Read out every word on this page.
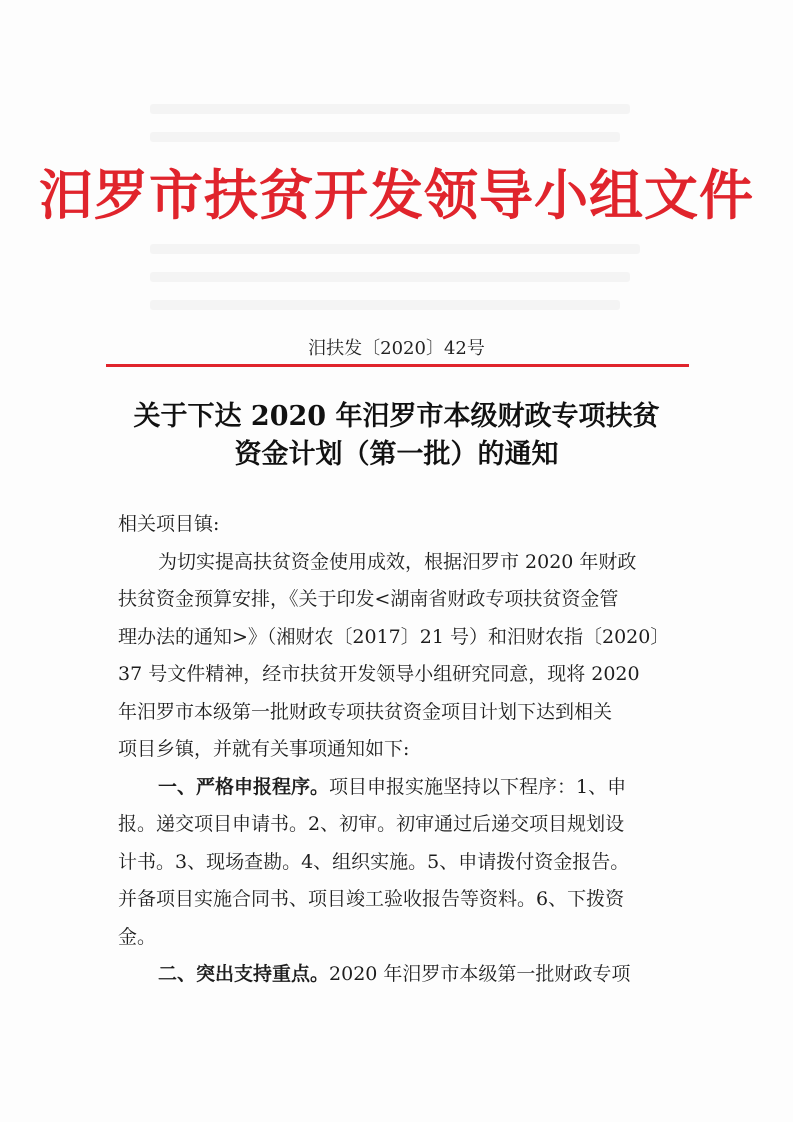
汨罗市扶贫开发领导小组文件
汨扶发〔2020〕42号
关于下达 2020 年汨罗市本级财政专项扶贫
资金计划（第一批）的通知
相关项目镇:
为切实提高扶贫资金使用成效，根据汨罗市 2020 年财政
扶贫资金预算安排，《关于印发<湖南省财政专项扶贫资金管
理办法的通知>》（湘财农〔2017〕21 号）和汨财农指〔2020〕
37 号文件精神，经市扶贫开发领导小组研究同意，现将 2020
年汨罗市本级第一批财政专项扶贫资金项目计划下达到相关
项目乡镇，并就有关事项通知如下:
一、严格申报程序。项目申报实施坚持以下程序：1、申
报。递交项目申请书。2、初审。初审通过后递交项目规划设
计书。3、现场查勘。4、组织实施。5、申请拨付资金报告。
并备项目实施合同书、项目竣工验收报告等资料。6、下拨资
金。
二、突出支持重点。2020 年汨罗市本级第一批财政专项
